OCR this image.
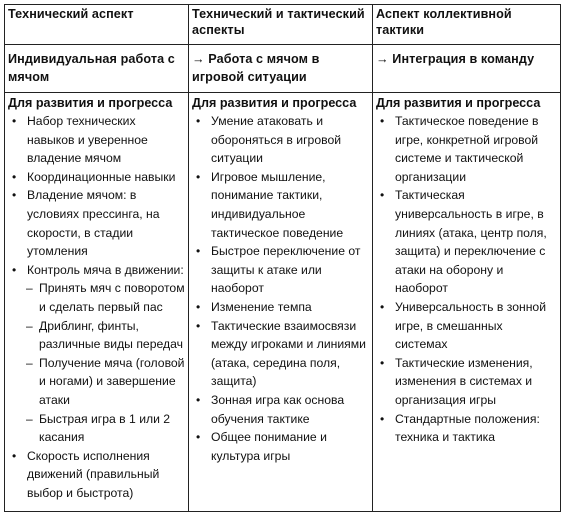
Технический аспект	Технический и тактический аспекты
Аспект коллективной тактики
Индивидуальная работа с мячом
→ Работа с мячом в игровой ситуации
→ Интеграция в команду
Для развития и прогресса
• Набор технических навыков и уверенное владение мячом
• Координационные навыки
• Владение мячом: в условиях прессинга, на скорости, в стадии утомления
• Контроль мяча в движении:
– Принять мяч с поворотом и сделать первый пас
– Дриблинг, финты, различные виды передач
– Получение мяча (головой и ногами) и завершение атаки
– Быстрая игра в 1 или 2 касания
• Скорость исполнения движений (правильный выбор и быстрота)
Для развития и прогресса
• Умение атаковать и обороняться в игровой ситуации
• Игровое мышление, понимание тактики, индивидуальное тактическое поведение
• Быстрое переключение от защиты к атаке или наоборот
• Изменение темпа
• Тактические взаимосвязи между игроками и линиями (атака, середина поля, защита)
• Зонная игра как основа обучения тактике
• Общее понимание и культура игры
Для развития и прогресса
• Тактическое поведение в игре, конкретной игровой системе и тактической организации
• Тактическая универсальность в игре, в линиях (атака, центр поля, защита) и переключение с атаки на оборону и наоборот
• Универсальность в зонной игре, в смешанных системах
• Тактические изменения, изменения в системах и организация игры
• Стандартные положения: техника и тактика
